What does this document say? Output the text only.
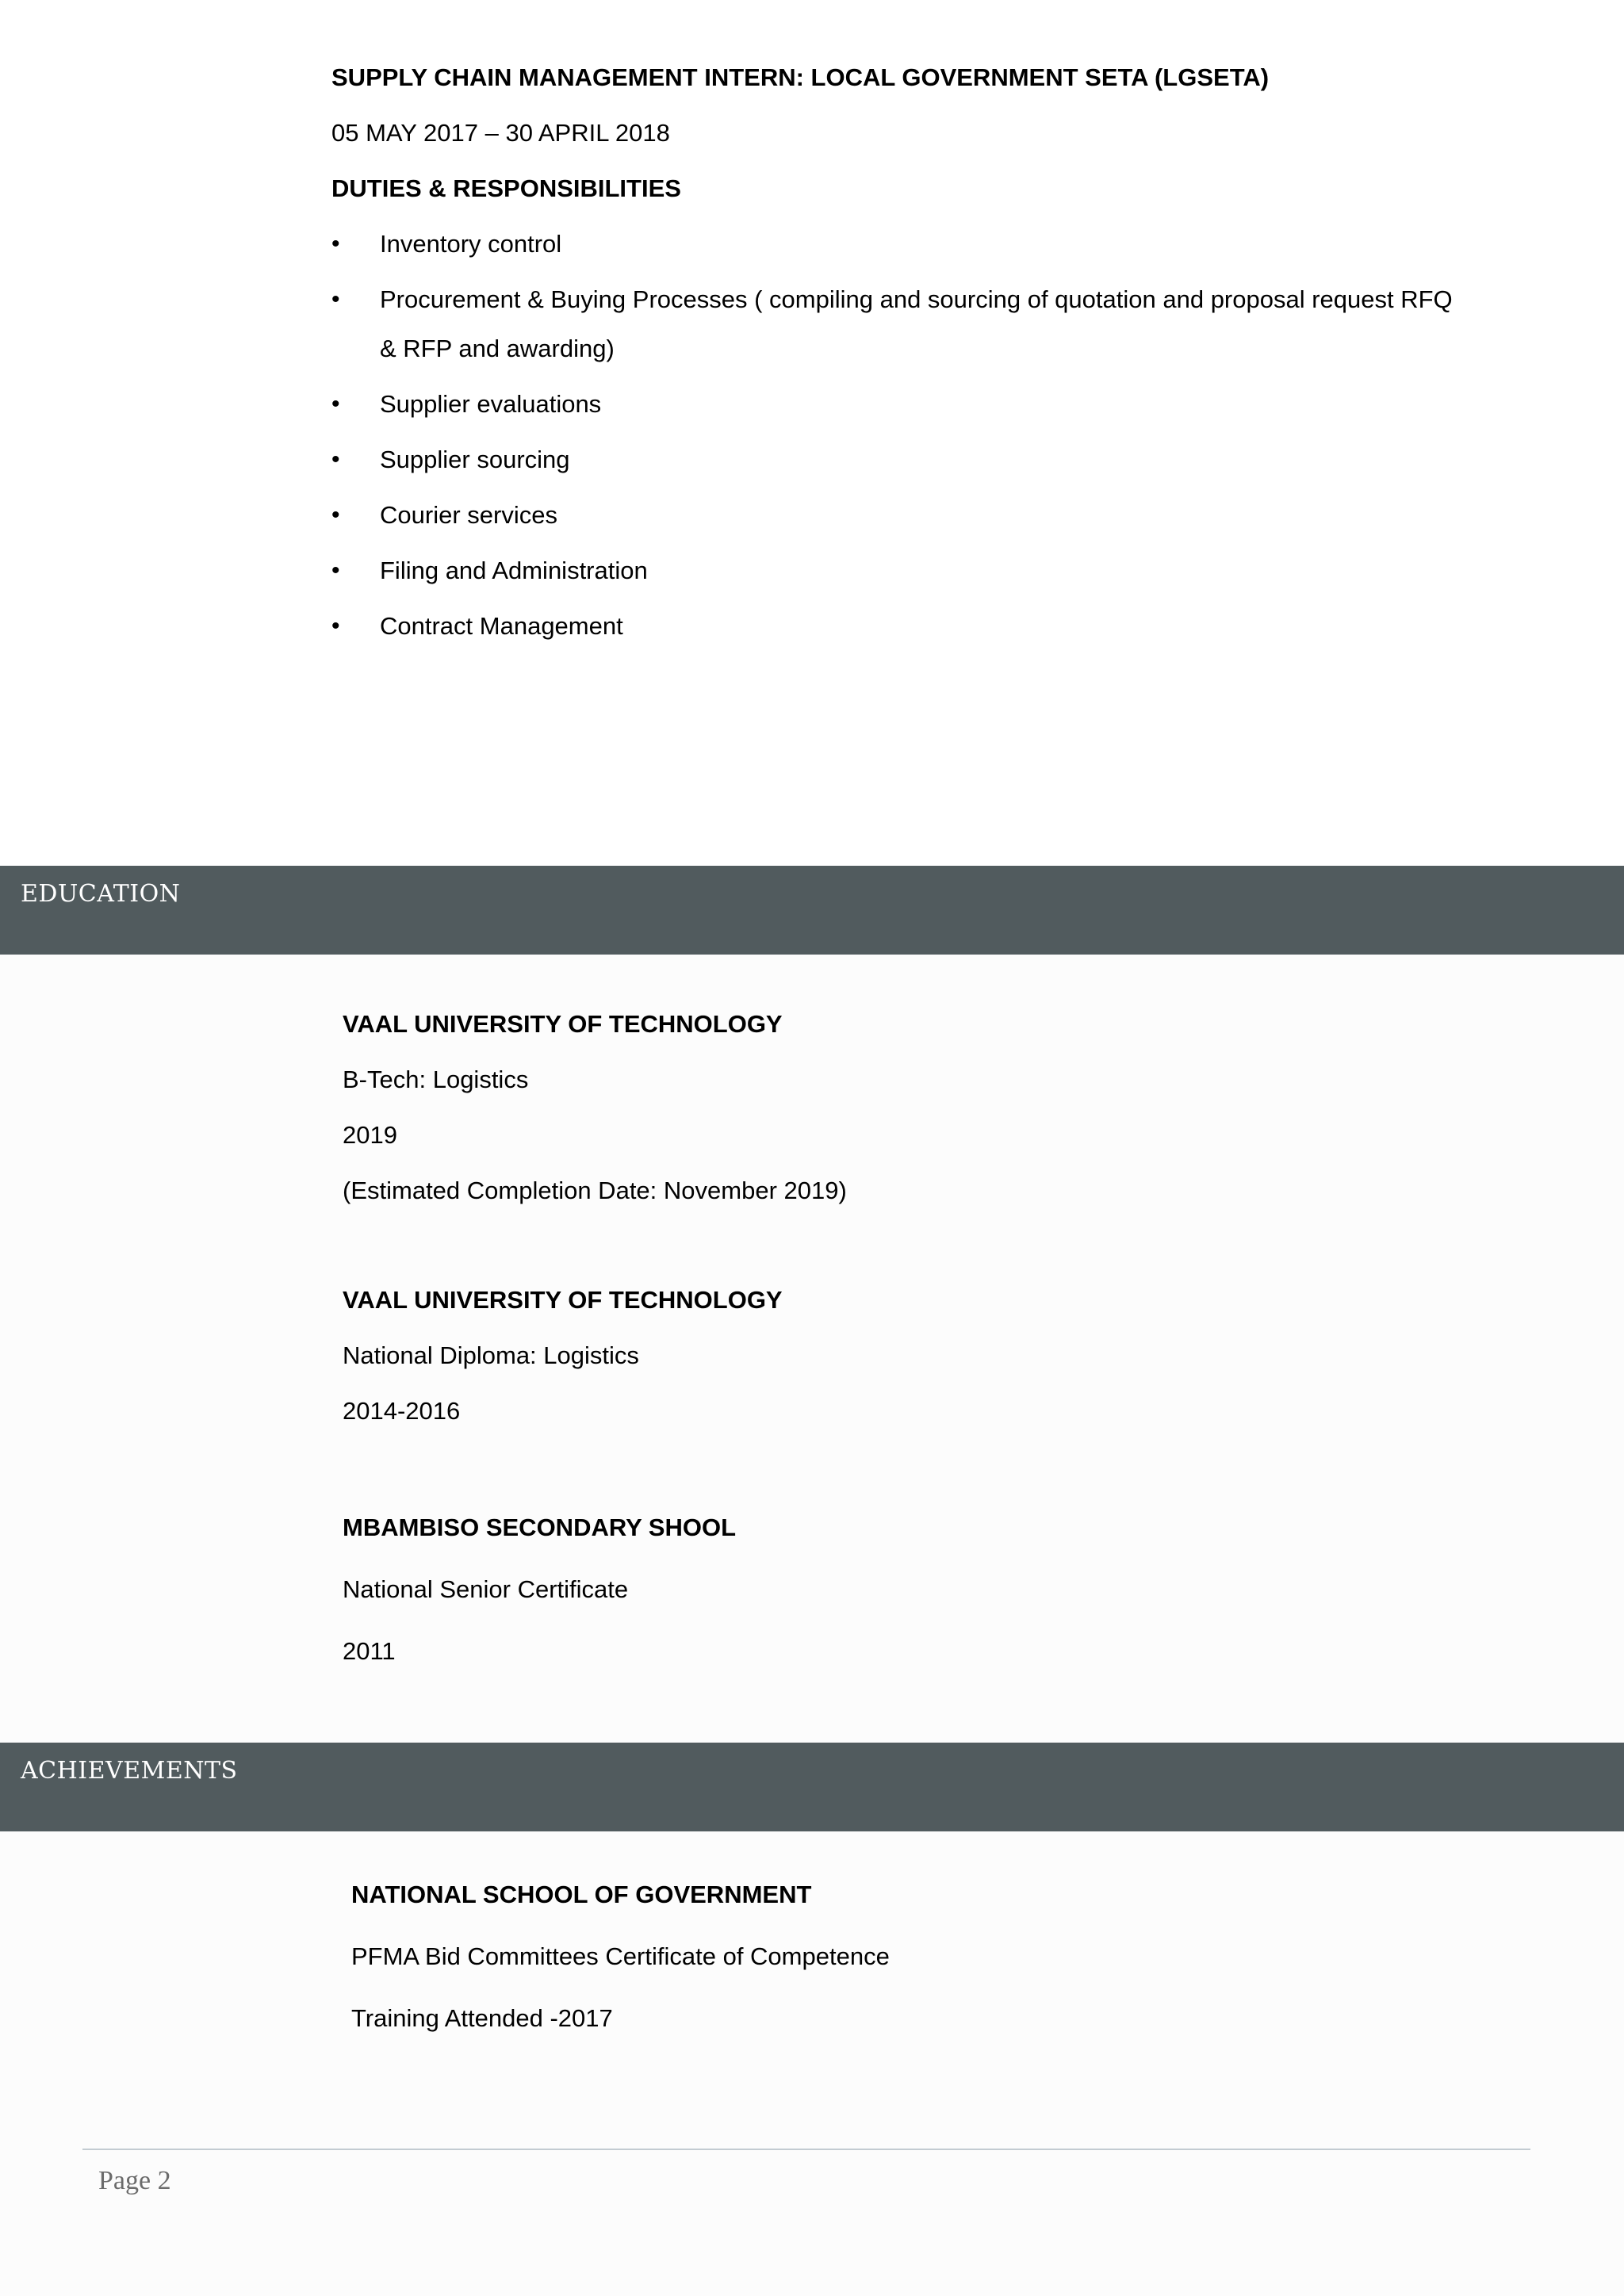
SUPPLY CHAIN MANAGEMENT INTERN: LOCAL GOVERNMENT SETA (LGSETA)
05 MAY 2017 – 30 APRIL 2018
DUTIES & RESPONSIBILITIES
• Inventory control
• Procurement & Buying Processes ( compiling and sourcing of quotation and proposal request RFQ
& RFP and awarding)
• Supplier evaluations
• Supplier sourcing
• Courier services
• Filing and Administration
• Contract Management
EDUCATION
VAAL UNIVERSITY OF TECHNOLOGY
B-Tech: Logistics
2019
(Estimated Completion Date: November 2019)
VAAL UNIVERSITY OF TECHNOLOGY
National Diploma: Logistics
2014-2016
MBAMBISO SECONDARY SHOOL
National Senior Certificate
2011
ACHIEVEMENTS
NATIONAL SCHOOL OF GOVERNMENT
PFMA Bid Committees Certificate of Competence
Training Attended -2017
Page 2
